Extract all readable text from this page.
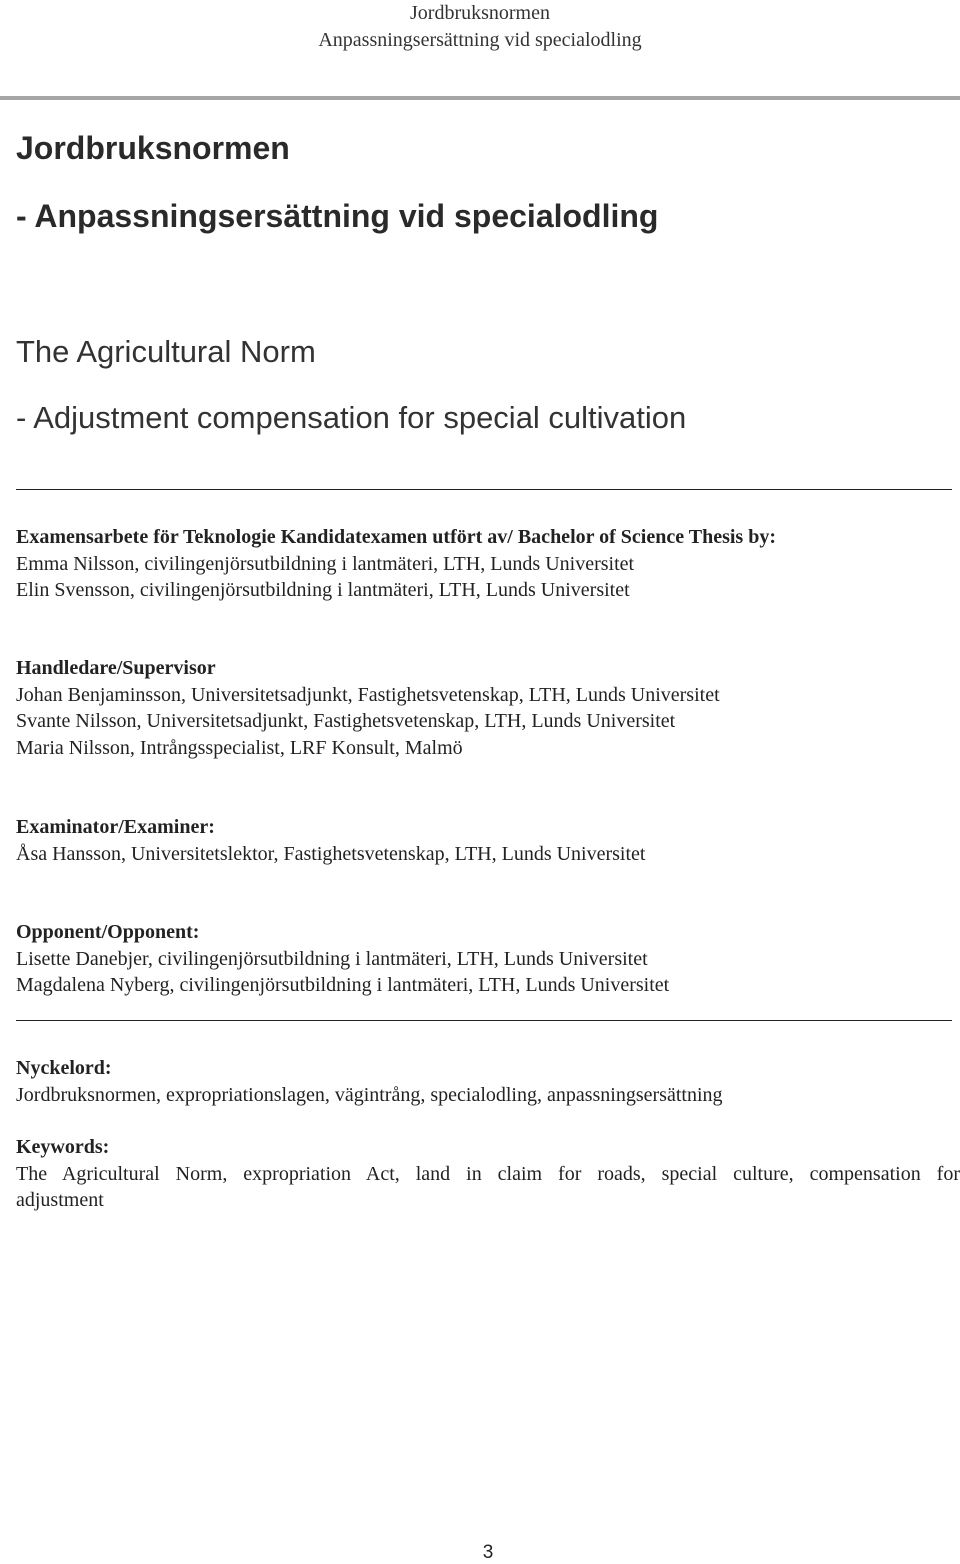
Jordbruksnormen
Anpassningsersättning vid specialodling
Jordbruksnormen
- Anpassningsersättning vid specialodling
The Agricultural Norm
- Adjustment compensation for special cultivation
Examensarbete för Teknologie Kandidatexamen utfört av/ Bachelor of Science Thesis by:
Emma Nilsson, civilingenjörsutbildning i lantmäteri, LTH, Lunds Universitet
Elin Svensson, civilingenjörsutbildning i lantmäteri, LTH, Lunds Universitet
Handledare/Supervisor
Johan Benjaminsson, Universitetsadjunkt, Fastighetsvetenskap, LTH, Lunds Universitet
Svante Nilsson, Universitetsadjunkt, Fastighetsvetenskap, LTH, Lunds Universitet
Maria Nilsson, Intrångsspecialist, LRF Konsult, Malmö
Examinator/Examiner:
Åsa Hansson, Universitetslektor, Fastighetsvetenskap, LTH, Lunds Universitet
Opponent/Opponent:
Lisette Danebjer, civilingenjörsutbildning i lantmäteri, LTH, Lunds Universitet
Magdalena Nyberg, civilingenjörsutbildning i lantmäteri, LTH, Lunds Universitet
Nyckelord:
Jordbruksnormen, expropriationslagen, vägintrång, specialodling, anpassningsersättning
Keywords:
The Agricultural Norm, expropriation Act, land in claim for roads, special culture, compensation for
adjustment
3
